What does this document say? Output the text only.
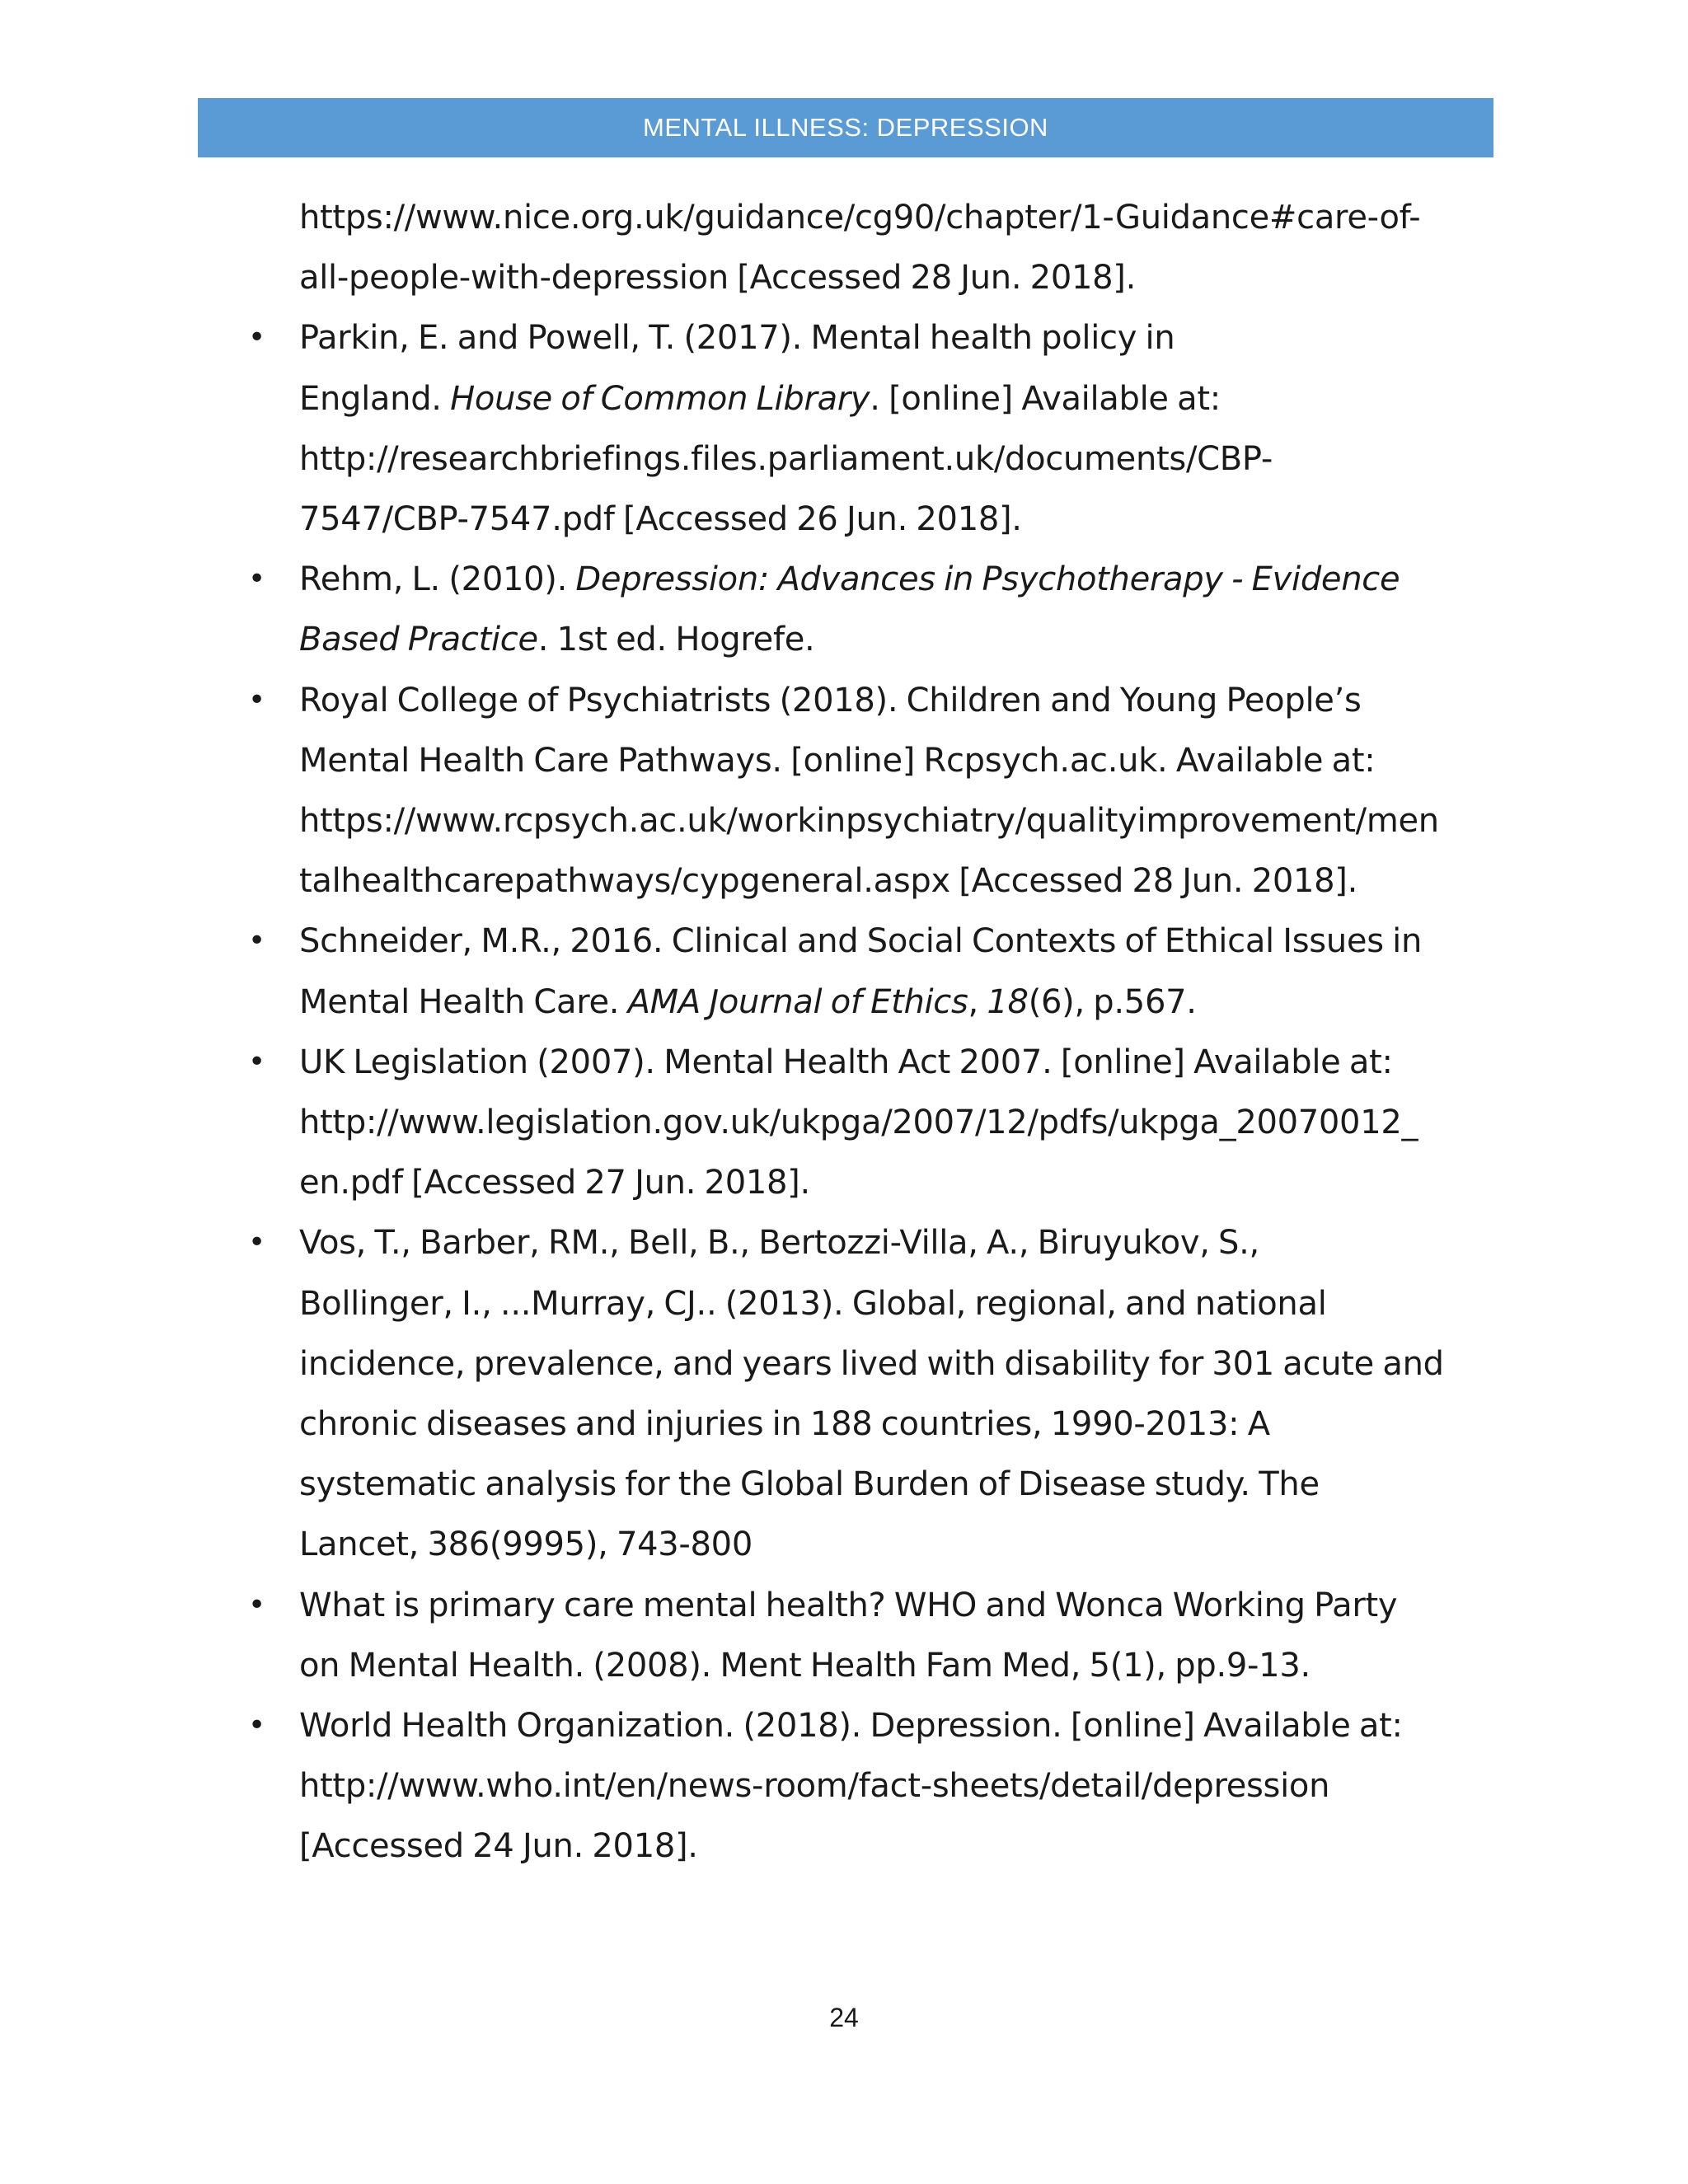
MENTAL ILLNESS: DEPRESSION
https://www.nice.org.uk/guidance/cg90/chapter/1-Guidance#care-of-
all-people-with-depression [Accessed 28 Jun. 2018].
• Parkin, E. and Powell, T. (2017). Mental health policy in
England. House of Common Library. [online] Available at:
http://researchbriefings.files.parliament.uk/documents/CBP-
7547/CBP-7547.pdf [Accessed 26 Jun. 2018].
• Rehm, L. (2010). Depression: Advances in Psychotherapy - Evidence
Based Practice. 1st ed. Hogrefe.
• Royal College of Psychiatrists (2018). Children and Young People’s
Mental Health Care Pathways. [online] Rcpsych.ac.uk. Available at:
https://www.rcpsych.ac.uk/workinpsychiatry/qualityimprovement/men
talhealthcarepathways/cypgeneral.aspx [Accessed 28 Jun. 2018].
• Schneider, M.R., 2016. Clinical and Social Contexts of Ethical Issues in
Mental Health Care. AMA Journal of Ethics, 18(6), p.567.
• UK Legislation (2007). Mental Health Act 2007. [online] Available at:
http://www.legislation.gov.uk/ukpga/2007/12/pdfs/ukpga_20070012_
en.pdf [Accessed 27 Jun. 2018].
• Vos, T., Barber, RM., Bell, B., Bertozzi-Villa, A., Biruyukov, S.,
Bollinger, I., ...Murray, CJ.. (2013). Global, regional, and national
incidence, prevalence, and years lived with disability for 301 acute and
chronic diseases and injuries in 188 countries, 1990-2013: A
systematic analysis for the Global Burden of Disease study. The
Lancet, 386(9995), 743-800
• What is primary care mental health? WHO and Wonca Working Party
on Mental Health. (2008). Ment Health Fam Med, 5(1), pp.9-13.
• World Health Organization. (2018). Depression. [online] Available at:
http://www.who.int/en/news-room/fact-sheets/detail/depression
[Accessed 24 Jun. 2018].
24
